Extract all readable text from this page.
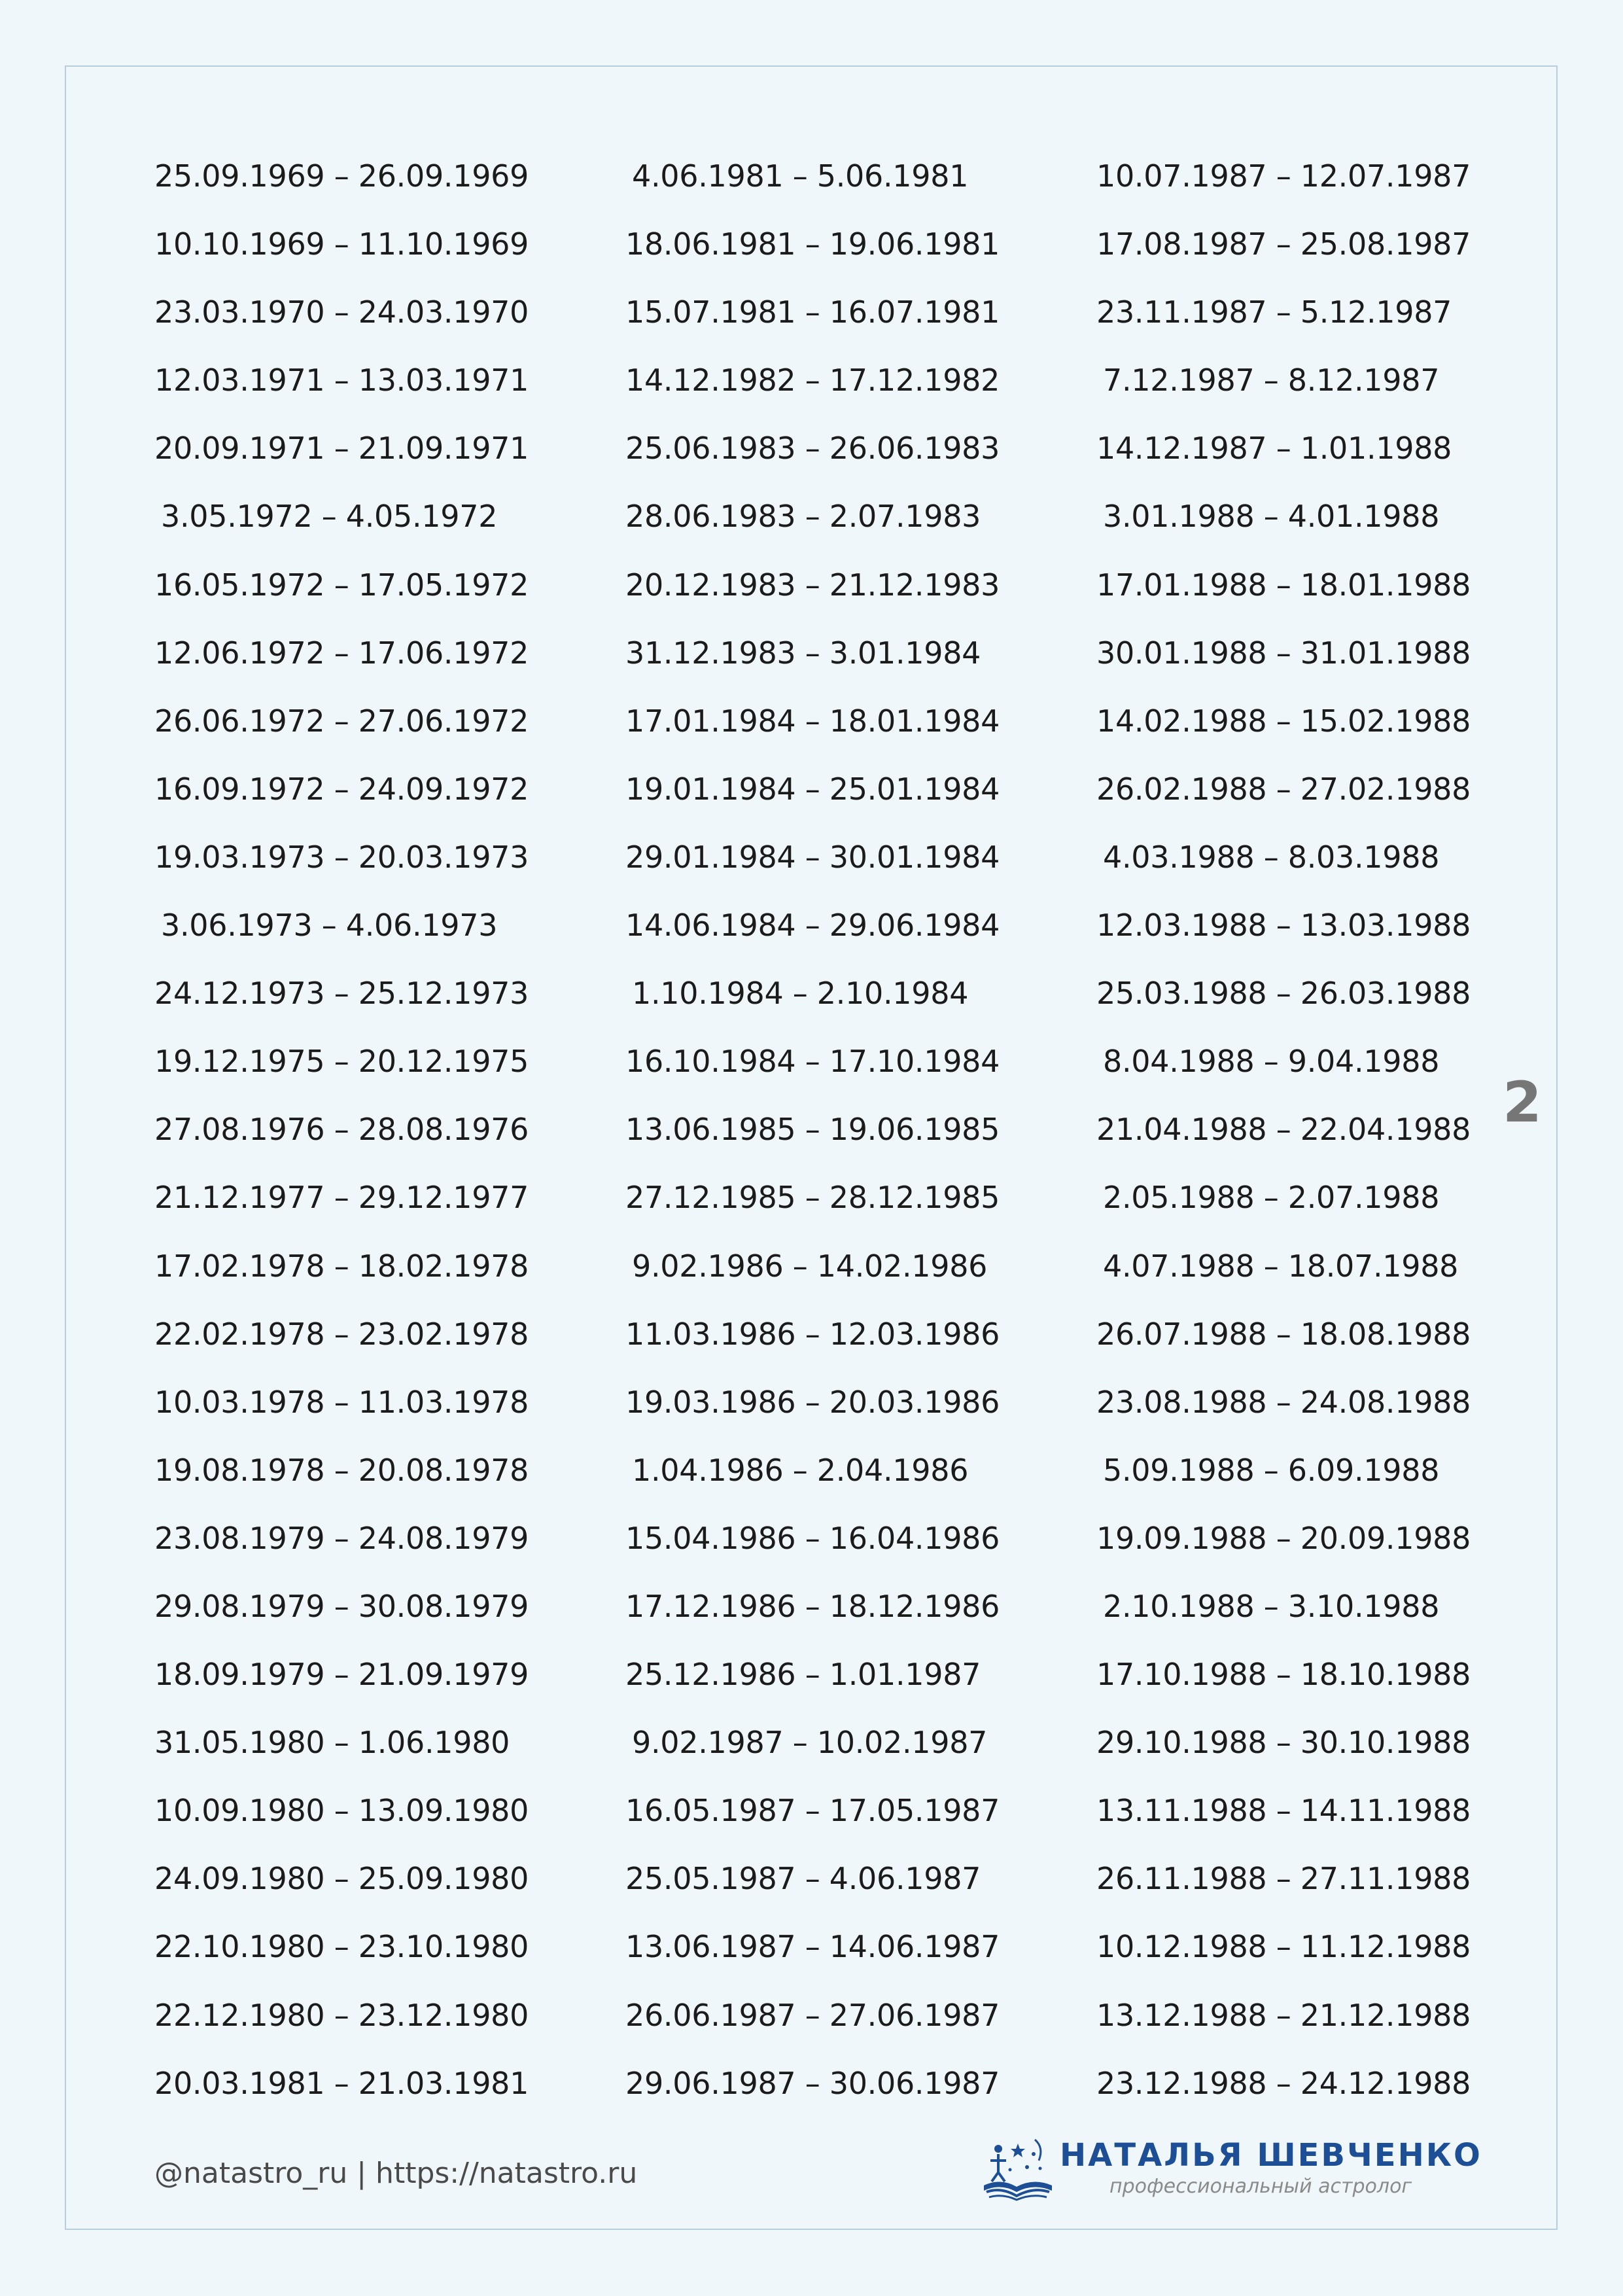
25.09.1969 – 26.09.1969
10.10.1969 – 11.10.1969
23.03.1970 – 24.03.1970
12.03.1971 – 13.03.1971
20.09.1971 – 21.09.1971
3.05.1972 – 4.05.1972
16.05.1972 – 17.05.1972
12.06.1972 – 17.06.1972
26.06.1972 – 27.06.1972
16.09.1972 – 24.09.1972
19.03.1973 – 20.03.1973
3.06.1973 – 4.06.1973
24.12.1973 – 25.12.1973
19.12.1975 – 20.12.1975
27.08.1976 – 28.08.1976
21.12.1977 – 29.12.1977
17.02.1978 – 18.02.1978
22.02.1978 – 23.02.1978
10.03.1978 – 11.03.1978
19.08.1978 – 20.08.1978
23.08.1979 – 24.08.1979
29.08.1979 – 30.08.1979
18.09.1979 – 21.09.1979
31.05.1980 – 1.06.1980
10.09.1980 – 13.09.1980
24.09.1980 – 25.09.1980
22.10.1980 – 23.10.1980
22.12.1980 – 23.12.1980
20.03.1981 – 21.03.1981
4.06.1981 – 5.06.1981
18.06.1981 – 19.06.1981
15.07.1981 – 16.07.1981
14.12.1982 – 17.12.1982
25.06.1983 – 26.06.1983
28.06.1983 – 2.07.1983
20.12.1983 – 21.12.1983
31.12.1983 – 3.01.1984
17.01.1984 – 18.01.1984
19.01.1984 – 25.01.1984
29.01.1984 – 30.01.1984
14.06.1984 – 29.06.1984
1.10.1984 – 2.10.1984
16.10.1984 – 17.10.1984
13.06.1985 – 19.06.1985
27.12.1985 – 28.12.1985
9.02.1986 – 14.02.1986
11.03.1986 – 12.03.1986
19.03.1986 – 20.03.1986
1.04.1986 – 2.04.1986
15.04.1986 – 16.04.1986
17.12.1986 – 18.12.1986
25.12.1986 – 1.01.1987
9.02.1987 – 10.02.1987
16.05.1987 – 17.05.1987
25.05.1987 – 4.06.1987
13.06.1987 – 14.06.1987
26.06.1987 – 27.06.1987
29.06.1987 – 30.06.1987
10.07.1987 – 12.07.1987
17.08.1987 – 25.08.1987
23.11.1987 – 5.12.1987
7.12.1987 – 8.12.1987
14.12.1987 – 1.01.1988
3.01.1988 – 4.01.1988
17.01.1988 – 18.01.1988
30.01.1988 – 31.01.1988
14.02.1988 – 15.02.1988
26.02.1988 – 27.02.1988
4.03.1988 – 8.03.1988
12.03.1988 – 13.03.1988
25.03.1988 – 26.03.1988
8.04.1988 – 9.04.1988
21.04.1988 – 22.04.1988
2.05.1988 – 2.07.1988
4.07.1988 – 18.07.1988
26.07.1988 – 18.08.1988
23.08.1988 – 24.08.1988
5.09.1988 – 6.09.1988
19.09.1988 – 20.09.1988
2.10.1988 – 3.10.1988
17.10.1988 – 18.10.1988
29.10.1988 – 30.10.1988
13.11.1988 – 14.11.1988
26.11.1988 – 27.11.1988
10.12.1988 – 11.12.1988
13.12.1988 – 21.12.1988
23.12.1988 – 24.12.1988
2
@natastro_ru | https://natastro.ru	НАТАЛЬЯ ШЕВЧЕНКО
профессиональный астролог
